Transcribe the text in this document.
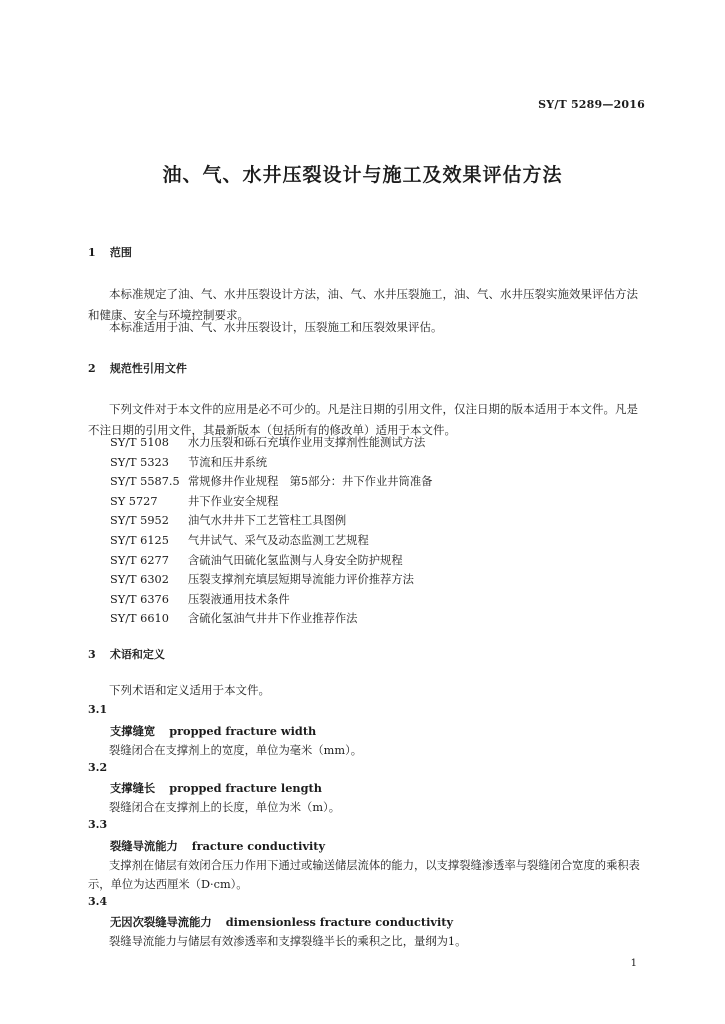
SY/T 5289—2016
油、气、水井压裂设计与施工及效果评估方法
1 范围
本标准规定了油、气、水井压裂设计方法，油、气、水井压裂施工，油、气、水井压裂实施效果评估方法和健康、安全与环境控制要求。
本标准适用于油、气、水井压裂设计，压裂施工和压裂效果评估。
2 规范性引用文件
下列文件对于本文件的应用是必不可少的。凡是注日期的引用文件，仅注日期的版本适用于本文件。凡是不注日期的引用文件，其最新版本（包括所有的修改单）适用于本文件。
SY/T 5108 水力压裂和砾石充填作业用支撑剂性能测试方法
SY/T 5323 节流和压井系统
SY/T 5587.5 常规修井作业规程　第5部分：井下作业井筒准备
SY 5727	井下作业安全规程
SY/T 5952 油气水井井下工艺管柱工具图例
SY/T 6125 气井试气、采气及动态监测工艺规程
SY/T 6277 含硫油气田硫化氢监测与人身安全防护规程
SY/T 6302 压裂支撑剂充填层短期导流能力评价推荐方法
SY/T 6376 压裂液通用技术条件
SY/T 6610 含硫化氢油气井井下作业推荐作法
3 术语和定义
下列术语和定义适用于本文件。
3.1
支撑缝宽 propped fracture width
裂缝闭合在支撑剂上的宽度，单位为毫米（mm）。
3.2
支撑缝长 propped fracture length
裂缝闭合在支撑剂上的长度，单位为米（m）。
3.3
裂缝导流能力 fracture conductivity
支撑剂在储层有效闭合压力作用下通过或输送储层流体的能力，以支撑裂缝渗透率与裂缝闭合宽度的乘积表示，单位为达西厘米（D·cm）。
3.4
无因次裂缝导流能力 dimensionless fracture conductivity
裂缝导流能力与储层有效渗透率和支撑裂缝半长的乘积之比，量纲为1。
1
